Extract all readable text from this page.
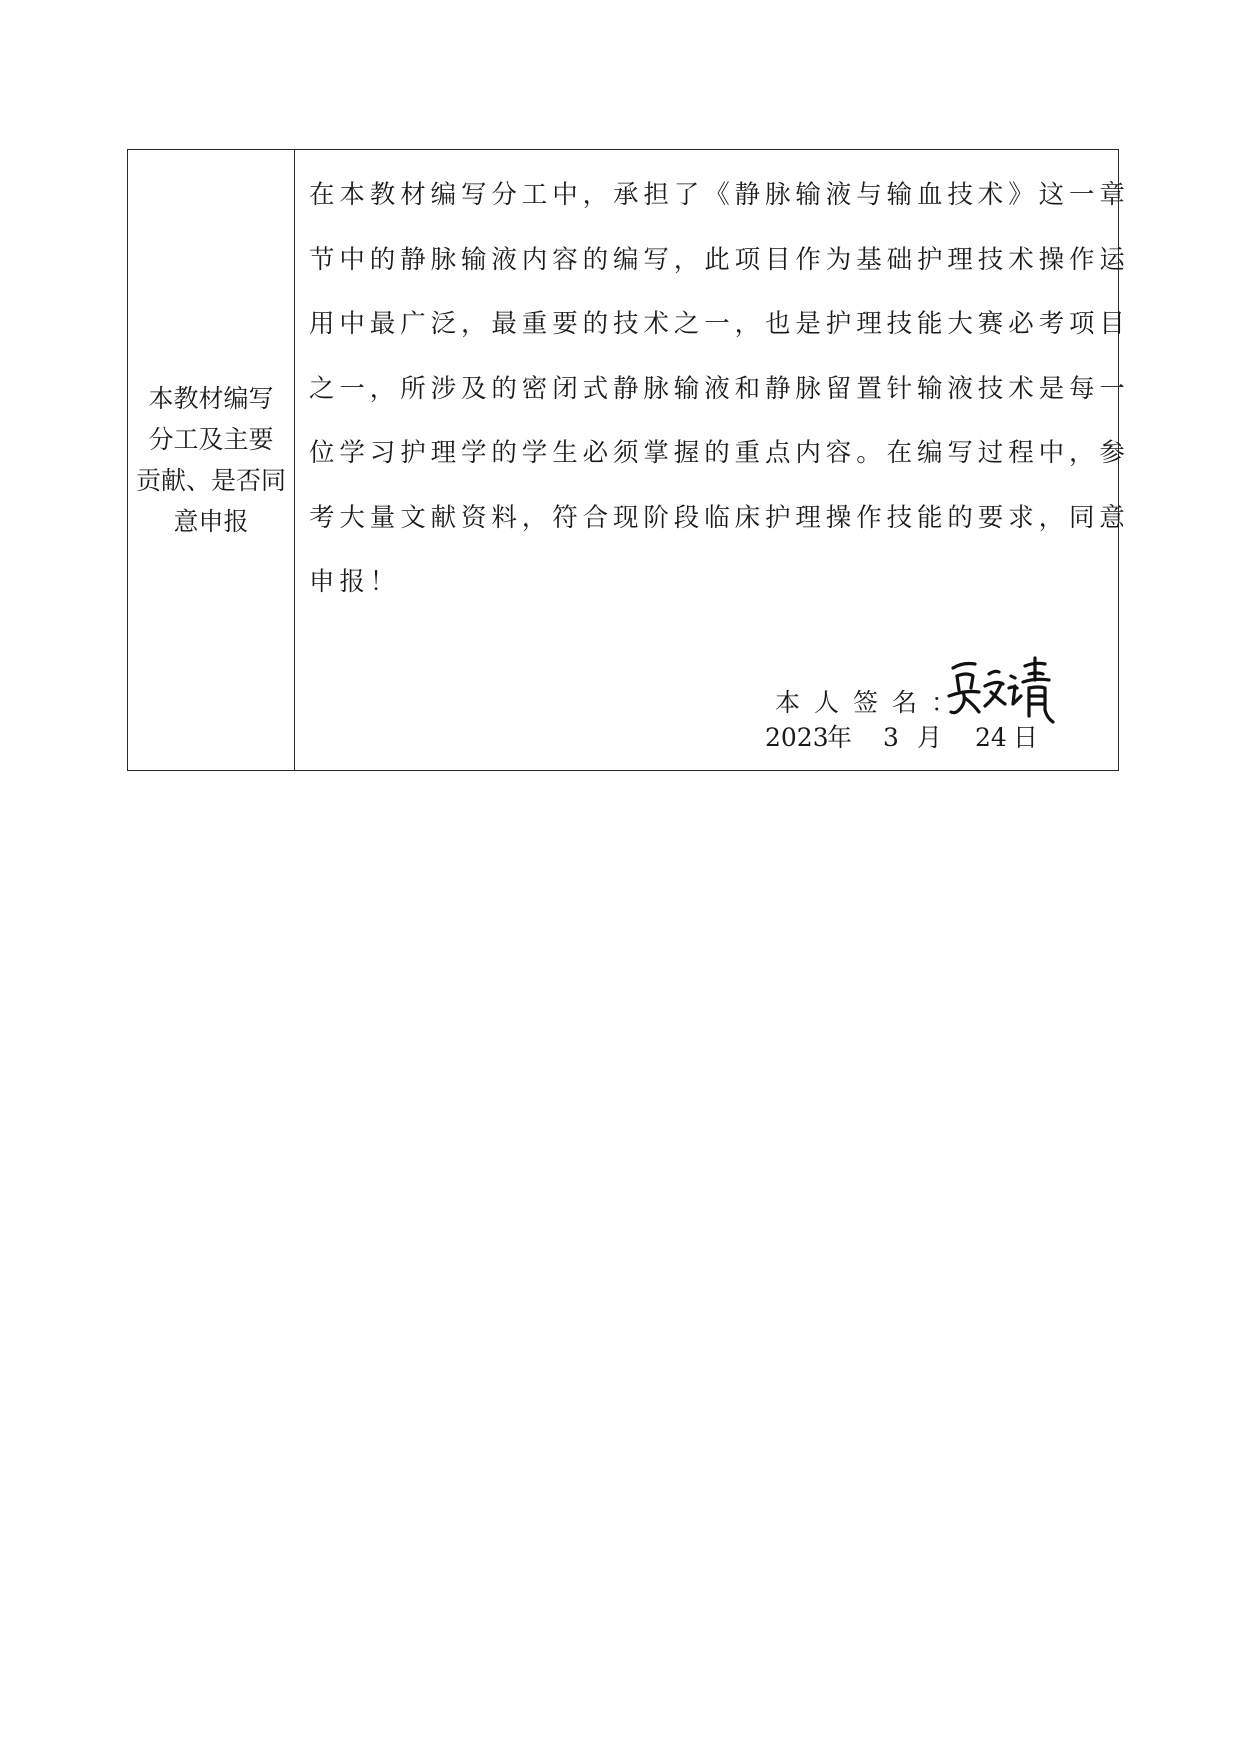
本教材编写
分工及主要
贡献、是否同
意申报
在本教材编写分工中，承担了《静脉输液与输血技术》这一章
节中的静脉输液内容的编写，此项目作为基础护理技术操作运
用中最广泛，最重要的技术之一，也是护理技能大赛必考项目
之一，所涉及的密闭式静脉输液和静脉留置针输液技术是每一
位学习护理学的学生必须掌握的重点内容。在编写过程中，参
考大量文献资料，符合现阶段临床护理操作技能的要求，同意
申报！
本人签名：
2023年 3 月 24 日
